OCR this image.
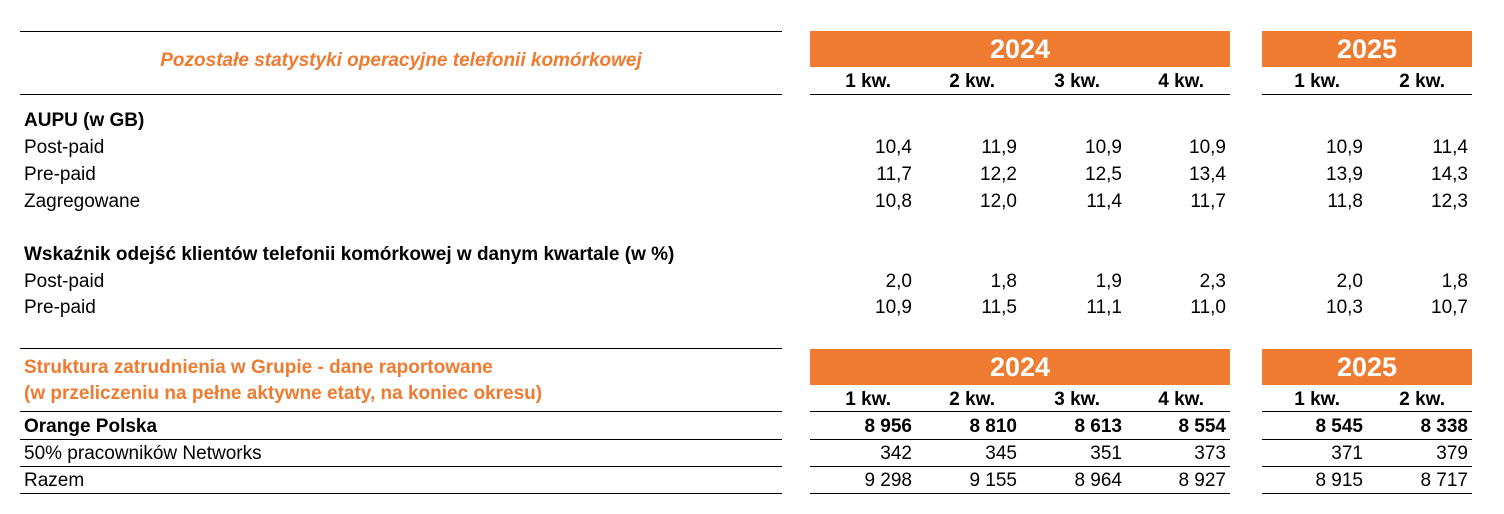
Pozostałe statystyki operacyjne telefonii komórkowej	2024	2025
1 kw.	2 kw.	3 kw.	4 kw.	1 kw.	2 kw.
AUPU (w GB)
Post-paid	10,4	11,9	10,9	10,9	10,9	11,4
Pre-paid	11,7	12,2	12,5	13,4	13,9	14,3
Zagregowane	10,8	12,0	11,4	11,7	11,8	12,3
Wskaźnik odejść klientów telefonii komórkowej w danym kwartale (w %)
Post-paid	2,0	1,8	1,9	2,3	2,0	1,8
Pre-paid	10,9	11,5	11,1	11,0	10,3	10,7
Struktura zatrudnienia w Grupie - dane raportowane
(w przeliczeniu na pełne aktywne etaty, na koniec okresu)
2024	2025
1 kw.	2 kw.	3 kw.	4 kw.	1 kw.	2 kw.
Orange Polska	8 956	8 810	8 613	8 554	8 545	8 338
50% pracowników Networks	342	345	351	373	371	379
Razem	9 298	9 155	8 964	8 927	8 915	8 717
